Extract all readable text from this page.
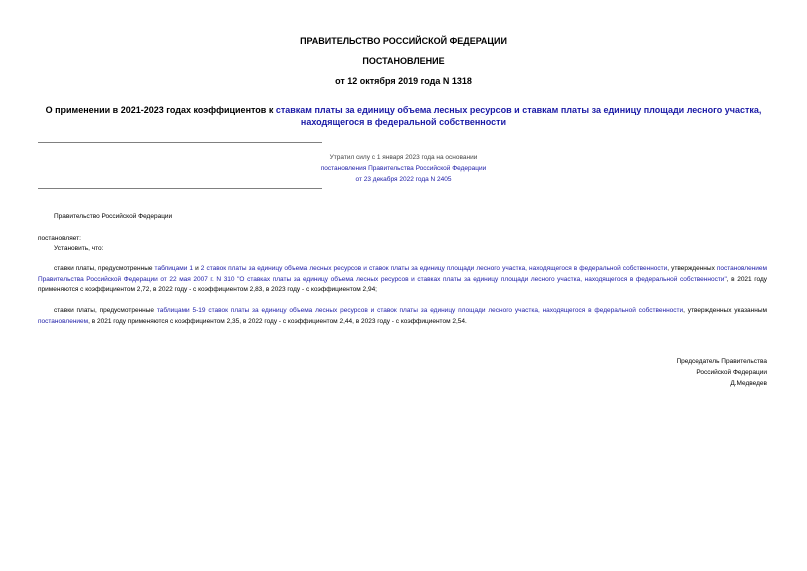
ПРАВИТЕЛЬСТВО РОССИЙСКОЙ ФЕДЕРАЦИИ
ПОСТАНОВЛЕНИЕ
от 12 октября 2019 года N 1318
О применении в 2021-2023 годах коэффициентов к ставкам платы за единицу объема лесных ресурсов и ставкам платы за единицу площади лесного участка, находящегося в федеральной собственности
Утратил силу с 1 января 2023 года на основании
постановления Правительства Российской Федерации
от 23 декабря 2022 года N 2405
Правительство Российской Федерации
постановляет:
Установить, что:
ставки платы, предусмотренные таблицами 1 и 2 ставок платы за единицу объема лесных ресурсов и ставок платы за единицу площади лесного участка, находящегося в федеральной собственности, утвержденных постановлением Правительства Российской Федерации от 22 мая 2007 г. N 310 "О ставках платы за единицу объема лесных ресурсов и ставках платы за единицу площади лесного участка, находящегося в федеральной собственности", в 2021 году применяются с коэффициентом 2,72, в 2022 году - с коэффициентом 2,83, в 2023 году - с коэффициентом 2,94;
ставки платы, предусмотренные таблицами 5-19 ставок платы за единицу объема лесных ресурсов и ставок платы за единицу площади лесного участка, находящегося в федеральной собственности, утвержденных указанным постановлением, в 2021 году применяются с коэффициентом 2,35, в 2022 году - с коэффициентом 2,44, в 2023 году - с коэффициентом 2,54.
Председатель Правительства
Российской Федерации
Д.Медведев
